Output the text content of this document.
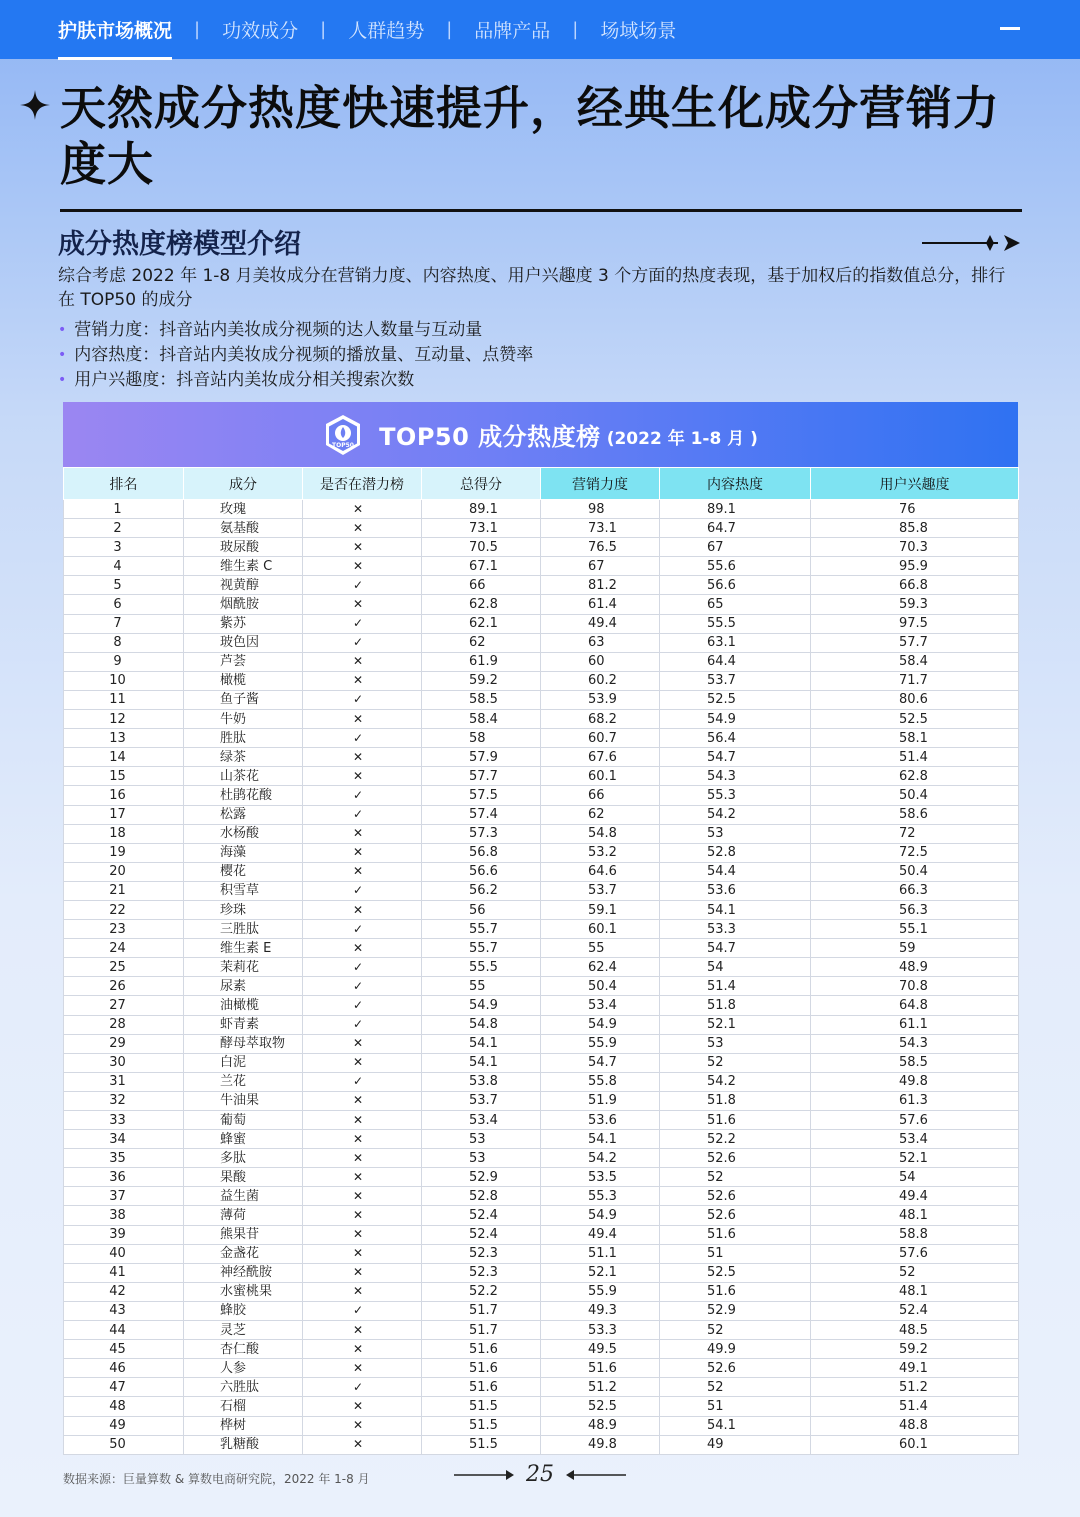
护肤市场概况	|	功效成分	|	人群趋势	|	品牌产品	|	场域场景
天然成分热度快速提升，经典生化成分营销力度大
成分热度榜模型介绍
综合考虑 2022 年 1-8 月美妆成分在营销力度、内容热度、用户兴趣度 3 个方面的热度表现，基于加权后的指数值总分，排行在 TOP50 的成分
• 营销力度：抖音站内美妆成分视频的达人数量与互动量
• 内容热度：抖音站内美妆成分视频的播放量、互动量、点赞率
• 用户兴趣度：抖音站内美妆成分相关搜索次数
TOP50 TOP50 成分热度榜 (2022 年 1-8 月 )
排名	成分	是否在潜力榜	总得分	营销力度	内容热度	用户兴趣度
1	玫瑰	✕	89.1	98	89.1	76
2	氨基酸	✕	73.1	73.1	64.7	85.8
3	玻尿酸	✕	70.5	76.5	67	70.3
4	维生素 C	✕	67.1	67	55.6	95.9
5	视黄醇	✓	66	81.2	56.6	66.8
6	烟酰胺	✕	62.8	61.4	65	59.3
7	紫苏	✓	62.1	49.4	55.5	97.5
8	玻色因	✓	62	63	63.1	57.7
9	芦荟	✕	61.9	60	64.4	58.4
10	橄榄	✕	59.2	60.2	53.7	71.7
11	鱼子酱	✓	58.5	53.9	52.5	80.6
12	牛奶	✕	58.4	68.2	54.9	52.5
13	胜肽	✓	58	60.7	56.4	58.1
14	绿茶	✕	57.9	67.6	54.7	51.4
15	山茶花	✕	57.7	60.1	54.3	62.8
16	杜鹃花酸	✓	57.5	66	55.3	50.4
17	松露	✓	57.4	62	54.2	58.6
18	水杨酸	✕	57.3	54.8	53	72
19	海藻	✕	56.8	53.2	52.8	72.5
20	樱花	✕	56.6	64.6	54.4	50.4
21	积雪草	✓	56.2	53.7	53.6	66.3
22	珍珠	✕	56	59.1	54.1	56.3
23	三胜肽	✓	55.7	60.1	53.3	55.1
24	维生素 E	✕	55.7	55	54.7	59
25	茉莉花	✓	55.5	62.4	54	48.9
26	尿素	✓	55	50.4	51.4	70.8
27	油橄榄	✓	54.9	53.4	51.8	64.8
28	虾青素	✓	54.8	54.9	52.1	61.1
29	酵母萃取物	✕	54.1	55.9	53	54.3
30	白泥	✕	54.1	54.7	52	58.5
31	兰花	✓	53.8	55.8	54.2	49.8
32	牛油果	✕	53.7	51.9	51.8	61.3
33	葡萄	✕	53.4	53.6	51.6	57.6
34	蜂蜜	✕	53	54.1	52.2	53.4
35	多肽	✕	53	54.2	52.6	52.1
36	果酸	✕	52.9	53.5	52	54
37	益生菌	✕	52.8	55.3	52.6	49.4
38	薄荷	✕	52.4	54.9	52.6	48.1
39	熊果苷	✕	52.4	49.4	51.6	58.8
40	金盏花	✕	52.3	51.1	51	57.6
41	神经酰胺	✕	52.3	52.1	52.5	52
42	水蜜桃果	✕	52.2	55.9	51.6	48.1
43	蜂胶	✓	51.7	49.3	52.9	52.4
44	灵芝	✕	51.7	53.3	52	48.5
45	杏仁酸	✕	51.6	49.5	49.9	59.2
46	人参	✕	51.6	51.6	52.6	49.1
47	六胜肽	✓	51.6	51.2	52	51.2
48	石榴	✕	51.5	52.5	51	51.4
49	桦树	✕	51.5	48.9	54.1	48.8
50	乳糖酸	✕	51.5	49.8	49	60.1
数据来源：巨量算数 & 算数电商研究院，2022 年 1-8 月	25
